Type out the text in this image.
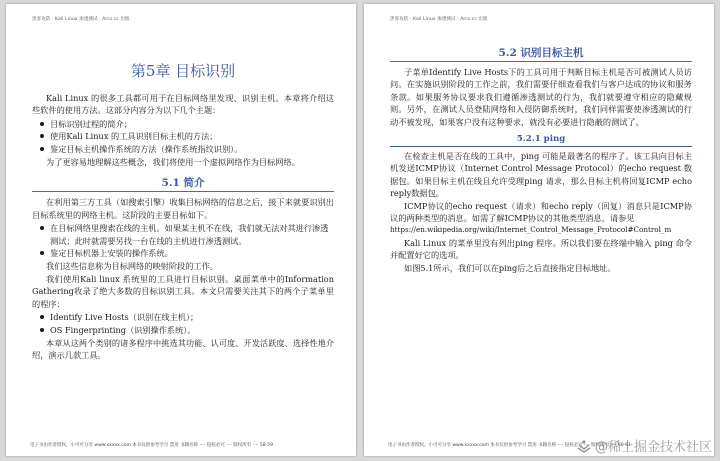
黑客攻防 · Kali Linux 渗透测试 · Arcs.cc 出版
第5章 目标识别

Kali Linux 的很多工具都可用于在目标网络里发现、识别主机。本章将介绍这些软件的使用方法。这部分内容分为以下几个主题：

目标识别过程的简介；
使用Kali Linux 的工具识别目标主机的方法；
鉴定目标主机操作系统的方法（操作系统指纹识别）。

为了更容易地理解这些概念，我们将使用一个虚拟网络作为目标网络。

5.1 简介

在利用第三方工具（如搜索引擎）收集目标网络的信息之后，接下来就要识别出目标系统里的网络主机。这阶段的主要目标如下。

在目标网络里搜索在线的主机。如果某主机不在线，我们就无法对其进行渗透测试；此时就需要另找一台在线的主机进行渗透测试。
鉴定目标机器上安装的操作系统。

我们这些信息称为目标网络的映射阶段的工作。

我们使用Kali linux 系统里的工具进行目标识别。桌面菜单中的Information Gathering收录了绝大多数的目标识别工具。本文只需要关注其下的两个子菜单里的程序：

Identify Live Hosts（识别在线主机）；
OS Fingerprinting（识别操作系统）。

本章从这两个类别的诸多程序中挑选其功能、认可度、开发活跃度、选择性地介绍，演示几款工具。

电子书由作者授权，小可可分享 www.xxxxx.com 本书仅供参考学习 禁用 书籍名称 ···· 侵权必究 ···· 版权所有 ···· 58-59
黑客攻防 · Kali Linux 渗透测试 · Arcs.cc 出版
5.2 识别目标主机

子菜单Identify Live Hosts下的工具可用于判断目标主机是否可被测试人员访问。在实施识别阶段的工作之前，我们需要仔细查看我们与客户达成的协议和服务条款。如果服务协议要求我们遵循渗透测试的行为，我们就要遵守相应的隐藏规则。另外，在测试人员登陆网络和入侵防御系统时，我们同样需要使渗透测试的行动不被发现，如果客户没有这种要求，就没有必要进行隐蔽的测试了。

5.2.1 ping

在检查主机是否在线的工具中，ping 可能是最著名的程序了。该工具向目标主机发送ICMP协议（Internet Control Message Protocol）的echo request 数据包。如果目标主机在线且允许受理ping 请求，那么目标主机将回复ICMP echo reply数据包。

ICMP协议的echo request（请求）和echo reply（回复）消息只是ICMP协议的两种类型的消息。如需了解ICMP协议的其他类型消息，请参见

https://en.wikipedia.org/wiki/Internet_Control_Message_Protocol#Control_m

Kali Linux 的菜单里没有列出ping 程序。所以我们要在终端中输入 ping 命令并配置好它的选项。

如图5.1所示，我们可以在ping后之后直接指定目标地址。

电子书由作者授权，小可可分享 www.xxxxx.com 本书仅供参考学习 禁用 书籍名称 ···· 侵权必究 ···· 版权所有 ···· 60-61
@稀土掘金技术社区
